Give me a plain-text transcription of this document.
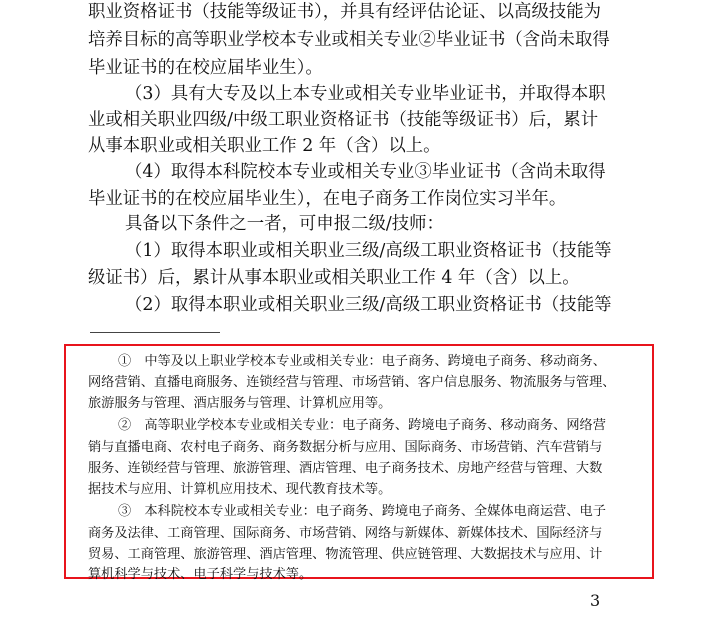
职业资格证书（技能等级证书），并具有经评估论证、以高级技能为
培养目标的高等职业学校本专业或相关专业②毕业证书（含尚未取得
毕业证书的在校应届毕业生）。
（3）具有大专及以上本专业或相关专业毕业证书，并取得本职
业或相关职业四级/中级工职业资格证书（技能等级证书）后，累计
从事本职业或相关职业工作 2 年（含）以上。
（4）取得本科院校本专业或相关专业③毕业证书（含尚未取得
毕业证书的在校应届毕业生），在电子商务工作岗位实习半年。
具备以下条件之一者，可申报二级/技师：
（1）取得本职业或相关职业三级/高级工职业资格证书（技能等
级证书）后，累计从事本职业或相关职业工作 4 年（含）以上。
（2）取得本职业或相关职业三级/高级工职业资格证书（技能等
①　中等及以上职业学校本专业或相关专业：电子商务、跨境电子商务、移动商务、
网络营销、直播电商服务、连锁经营与管理、市场营销、客户信息服务、物流服务与管理、
旅游服务与管理、酒店服务与管理、计算机应用等。
②　高等职业学校本专业或相关专业：电子商务、跨境电子商务、移动商务、网络营
销与直播电商、农村电子商务、商务数据分析与应用、国际商务、市场营销、汽车营销与
服务、连锁经营与管理、旅游管理、酒店管理、电子商务技术、房地产经营与管理、大数
据技术与应用、计算机应用技术、现代教育技术等。
③　本科院校本专业或相关专业：电子商务、跨境电子商务、全媒体电商运营、电子
商务及法律、工商管理、国际商务、市场营销、网络与新媒体、新媒体技术、国际经济与
贸易、工商管理、旅游管理、酒店管理、物流管理、供应链管理、大数据技术与应用、计
算机科学与技术、电子科学与技术等。
3
